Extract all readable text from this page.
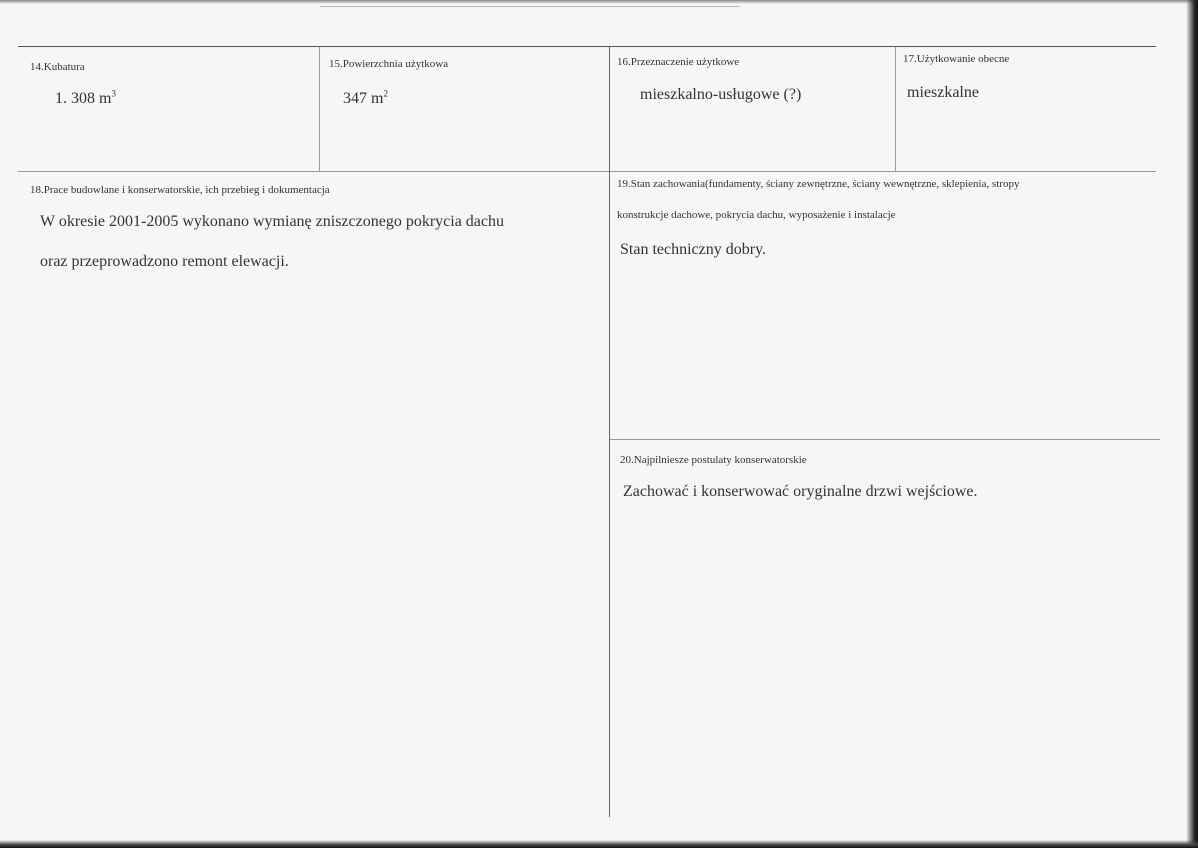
14.Kubatura
1. 308 $m^3$
15.Powierzchnia użytkowa
347 $m^2$
16.Przeznaczenie użytkowe
mieszkalno-usługowe (?)
17.Użytkowanie obecne
mieszkalne
18.Prace budowlane i konserwatorskie, ich przebieg i dokumentacja
W okresie 2001-2005 wykonano wymianę zniszczonego pokrycia dachu
oraz przeprowadzono remont elewacji.
19.Stan zachowania(fundamenty, ściany zewnętrzne, ściany wewnętrzne, sklepienia, stropy
konstrukcje dachowe, pokrycia dachu, wyposażenie i instalacje
Stan techniczny dobry.
20.Najpilniesze postulaty konserwatorskie
Zachować i konserwować oryginalne drzwi wejściowe.
